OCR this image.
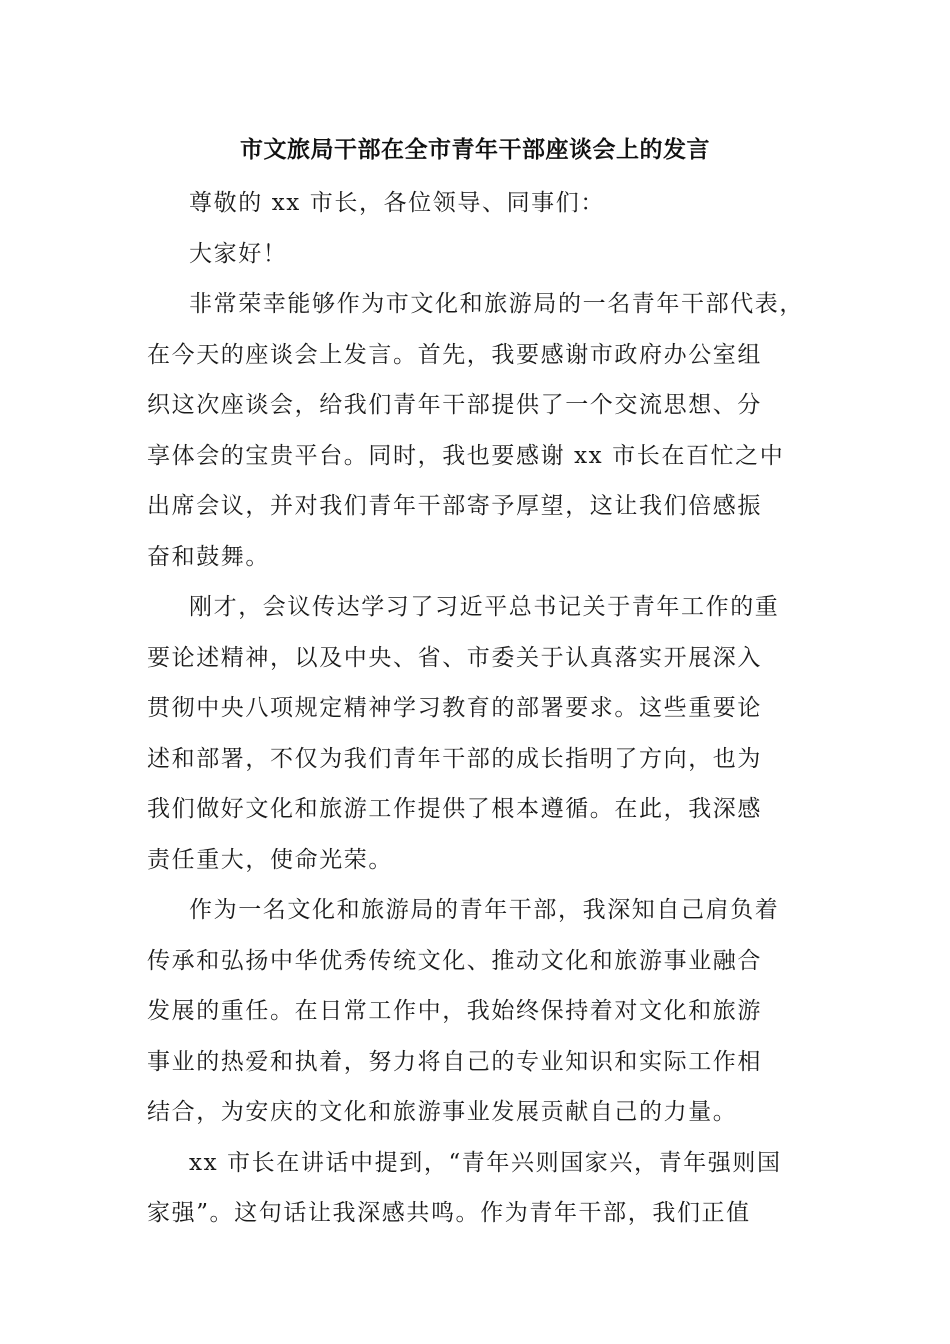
市文旅局干部在全市青年干部座谈会上的发言
尊敬的 xx 市长，各位领导、同事们：
大家好！
非常荣幸能够作为市文化和旅游局的一名青年干部代表，
在今天的座谈会上发言。首先，我要感谢市政府办公室组
织这次座谈会，给我们青年干部提供了一个交流思想、分
享体会的宝贵平台。同时，我也要感谢 xx 市长在百忙之中
出席会议，并对我们青年干部寄予厚望，这让我们倍感振
奋和鼓舞。
刚才，会议传达学习了习近平总书记关于青年工作的重
要论述精神，以及中央、省、市委关于认真落实开展深入
贯彻中央八项规定精神学习教育的部署要求。这些重要论
述和部署，不仅为我们青年干部的成长指明了方向，也为
我们做好文化和旅游工作提供了根本遵循。在此，我深感
责任重大，使命光荣。
作为一名文化和旅游局的青年干部，我深知自己肩负着
传承和弘扬中华优秀传统文化、推动文化和旅游事业融合
发展的重任。在日常工作中，我始终保持着对文化和旅游
事业的热爱和执着，努力将自己的专业知识和实际工作相
结合，为安庆的文化和旅游事业发展贡献自己的力量。
xx 市长在讲话中提到，“青年兴则国家兴，青年强则国
家强”。这句话让我深感共鸣。作为青年干部，我们正值
